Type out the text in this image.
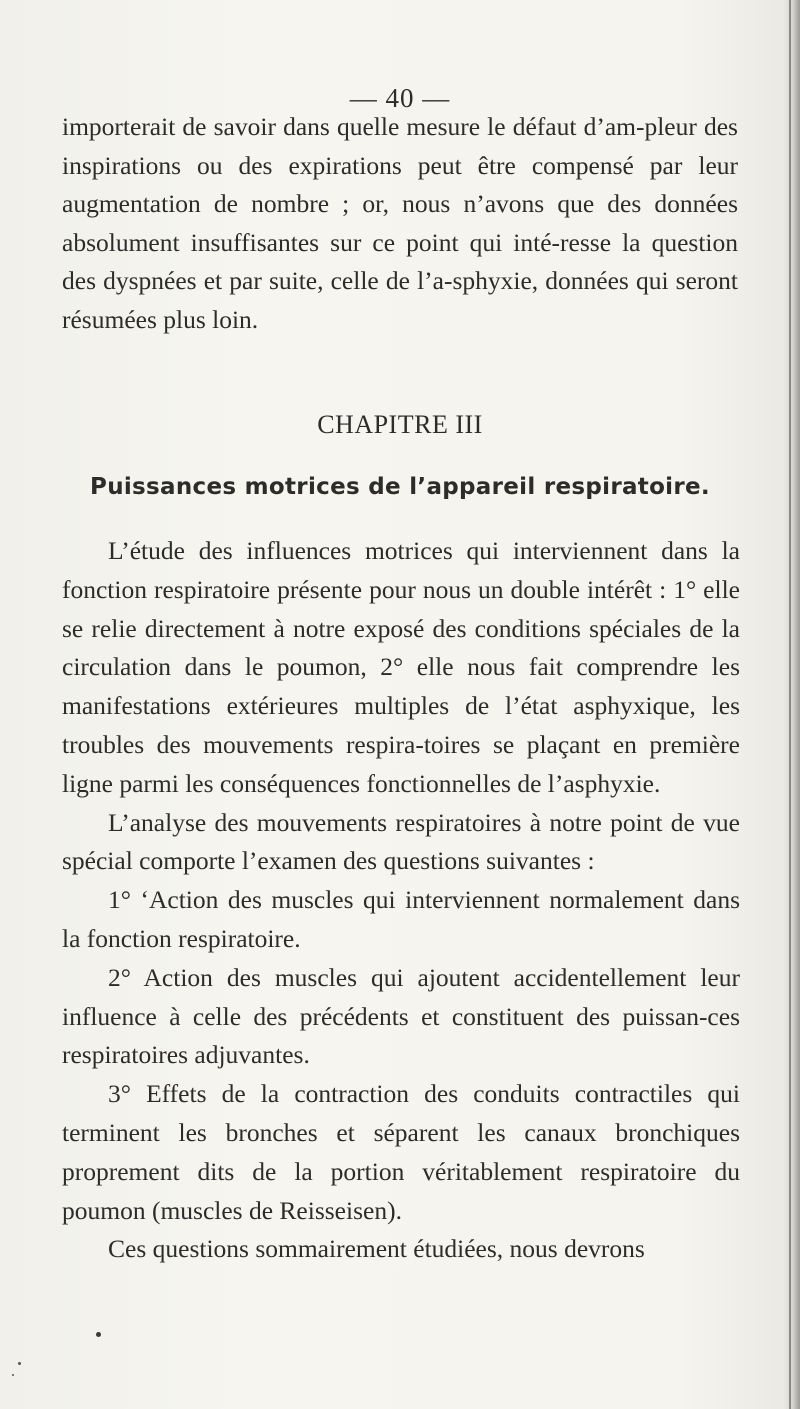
— 40 —
importerait de savoir dans quelle mesure le défaut d’am-pleur des inspirations ou des expirations peut être compensé par leur augmentation de nombre ; or, nous n’avons que des données absolument insuffisantes sur ce point qui inté-resse la question des dyspnées et par suite, celle de l’a-sphyxie, données qui seront résumées plus loin.
CHAPITRE III
Puissances motrices de l’appareil respiratoire.

L’étude des influences motrices qui interviennent dans la fonction respiratoire présente pour nous un double intérêt : 1° elle se relie directement à notre exposé des conditions spéciales de la circulation dans le poumon, 2° elle nous fait comprendre les manifestations extérieures multiples de l’état asphyxique, les troubles des mouvements respira-toires se plaçant en première ligne parmi les conséquences fonctionnelles de l’asphyxie.

L’analyse des mouvements respiratoires à notre point de vue spécial comporte l’examen des questions suivantes :

1° ‘Action des muscles qui interviennent normalement dans la fonction respiratoire.

2° Action des muscles qui ajoutent accidentellement leur influence à celle des précédents et constituent des puissan-ces respiratoires adjuvantes.

3° Effets de la contraction des conduits contractiles qui terminent les bronches et séparent les canaux bronchiques proprement dits de la portion véritablement respiratoire du poumon (muscles de Reisseisen).

Ces questions sommairement étudiées, nous devrons
